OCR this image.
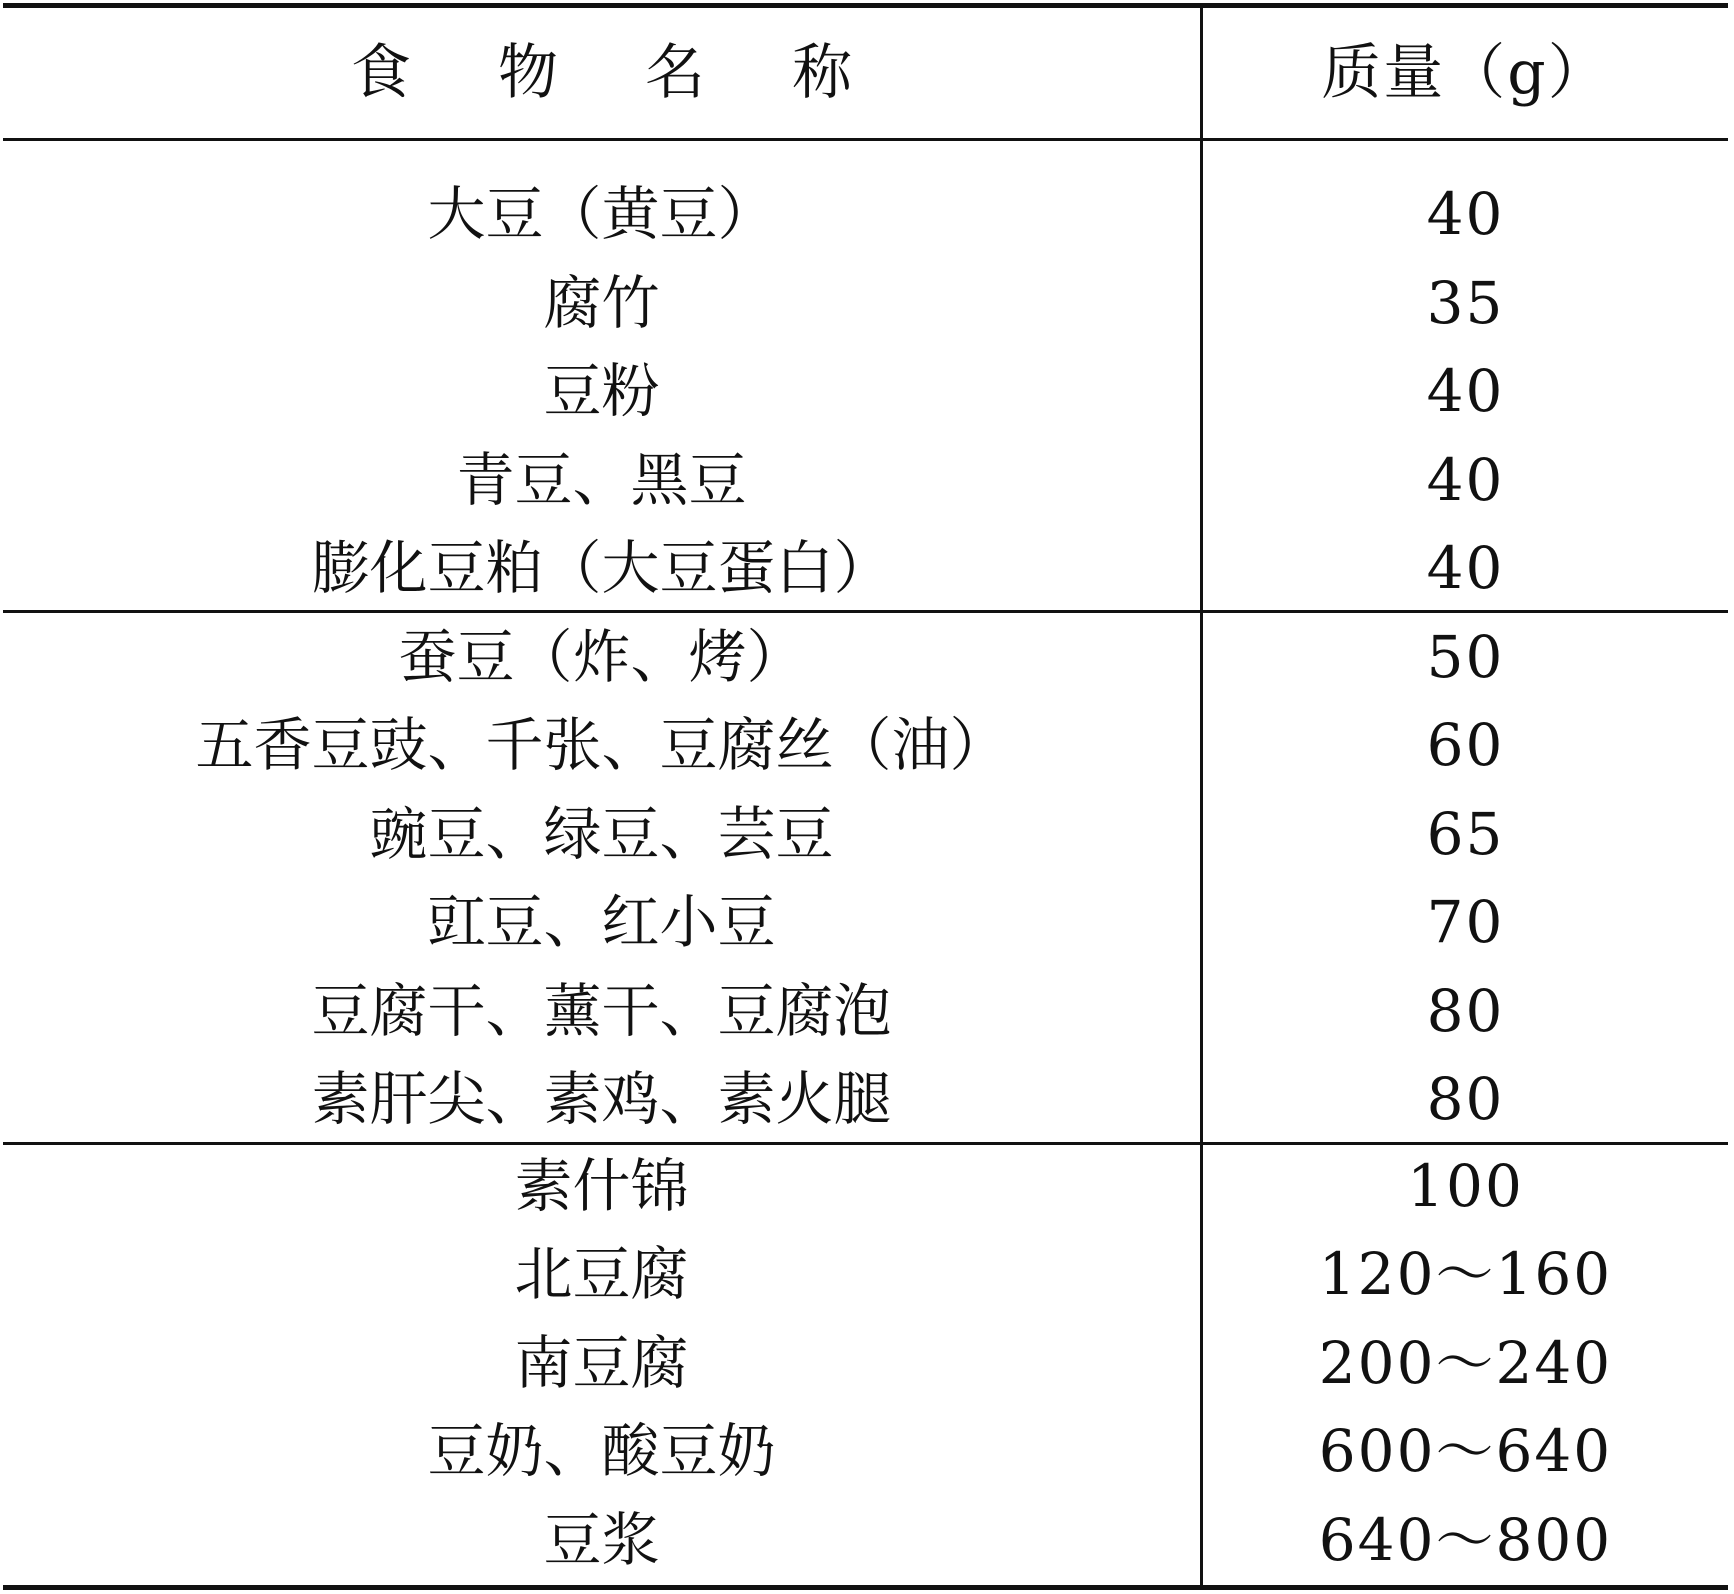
食 物 名 称	质量（g）
大豆（黄豆）	40
腐竹	35
豆粉	40
青豆、黑豆	40
膨化豆粕（大豆蛋白）	40
蚕豆（炸、烤）	50
五香豆豉、千张、豆腐丝（油）	60
豌豆、绿豆、芸豆	65
豇豆、红小豆	70
豆腐干、薰干、豆腐泡	80
素肝尖、素鸡、素火腿	80
素什锦	100
北豆腐	120～160
南豆腐	200～240
豆奶、酸豆奶	600～640
豆浆	640～800
